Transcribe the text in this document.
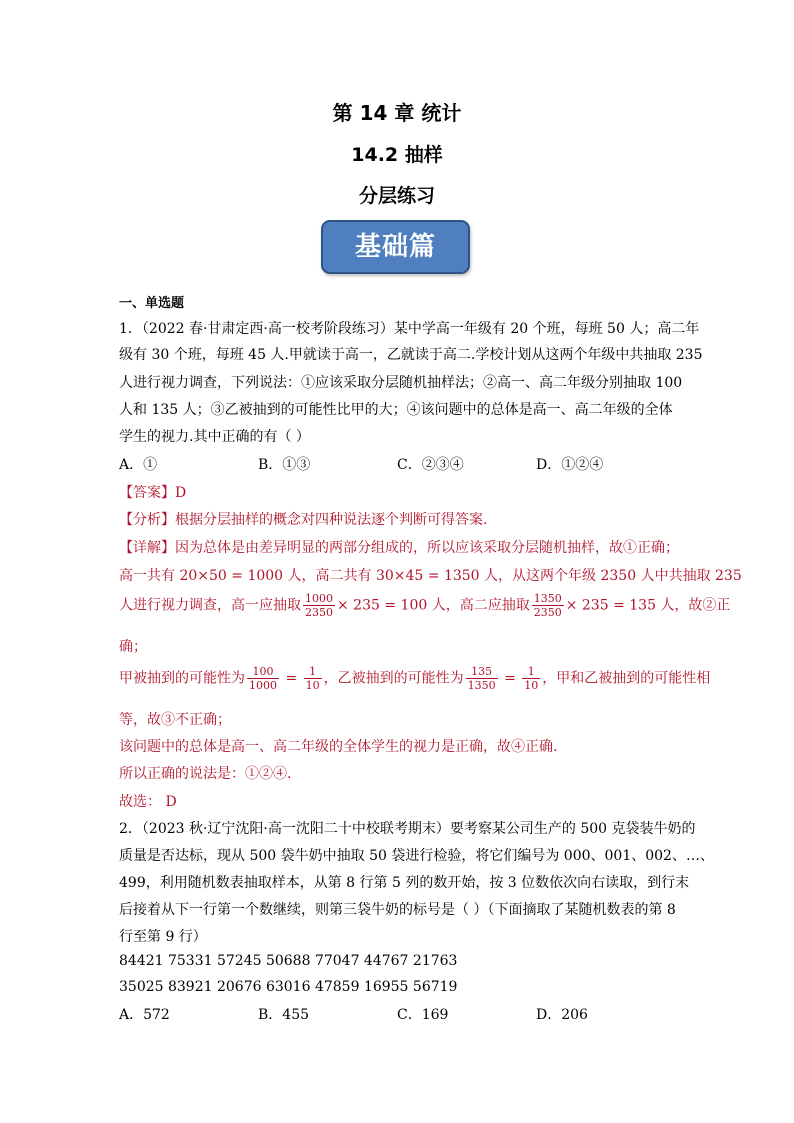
第 14 章 统计
14.2 抽样
分层练习
基础篇
一、单选题
1．（2022 春·甘肃定西·高一校考阶段练习）某中学高一年级有 20 个班，每班 50 人；高二年
级有 30 个班，每班 45 人.甲就读于高一，乙就读于高二.学校计划从这两个年级中共抽取 235
人进行视力调查，下列说法：①应该采取分层随机抽样法；②高一、高二年级分别抽取 100
人和 135 人；③乙被抽到的可能性比甲的大；④该问题中的总体是高一、高二年级的全体
学生的视力.其中正确的有（ ）
A．①	B．①③	C．②③④	D．①②④
【答案】D
【分析】根据分层抽样的概念对四种说法逐个判断可得答案.
【详解】因为总体是由差异明显的两部分组成的，所以应该采取分层随机抽样，故①正确；
高一共有 20×50 = 1000 人，高二共有 30×45 = 1350 人，从这两个年级 2350 人中共抽取 235
人进行视力调查，高一应抽取 $\frac{1000}{2350} \times 235 = 100$ 人，高二应抽取 $\frac{1350}{2350} \times 235 = 135$ 人，故②正
确；
甲被抽到的可能性为 $\frac{100}{1000} = \frac{1}{10}$ ，乙被抽到的可能性为 $\frac{135}{1350} = \frac{1}{10}$ ，甲和乙被抽到的可能性相
等，故③不正确；
该问题中的总体是高一、高二年级的全体学生的视力是正确，故④正确.
所以正确的说法是：①②④.
故选： D
2．（2023 秋·辽宁沈阳·高一沈阳二十中校联考期末）要考察某公司生产的 500 克袋装牛奶的
质量是否达标，现从 500 袋牛奶中抽取 50 袋进行检验，将它们编号为 000、001、002、…、
499，利用随机数表抽取样本，从第 8 行第 5 列的数开始，按 3 位数依次向右读取，到行末
后接着从下一行第一个数继续，则第三袋牛奶的标号是（ ）（下面摘取了某随机数表的第 8
行至第 9 行）
84421 75331 57245 50688 77047 44767 21763
35025 83921 20676 63016 47859 16955 56719
A．572	B．455	C．169	D．206
